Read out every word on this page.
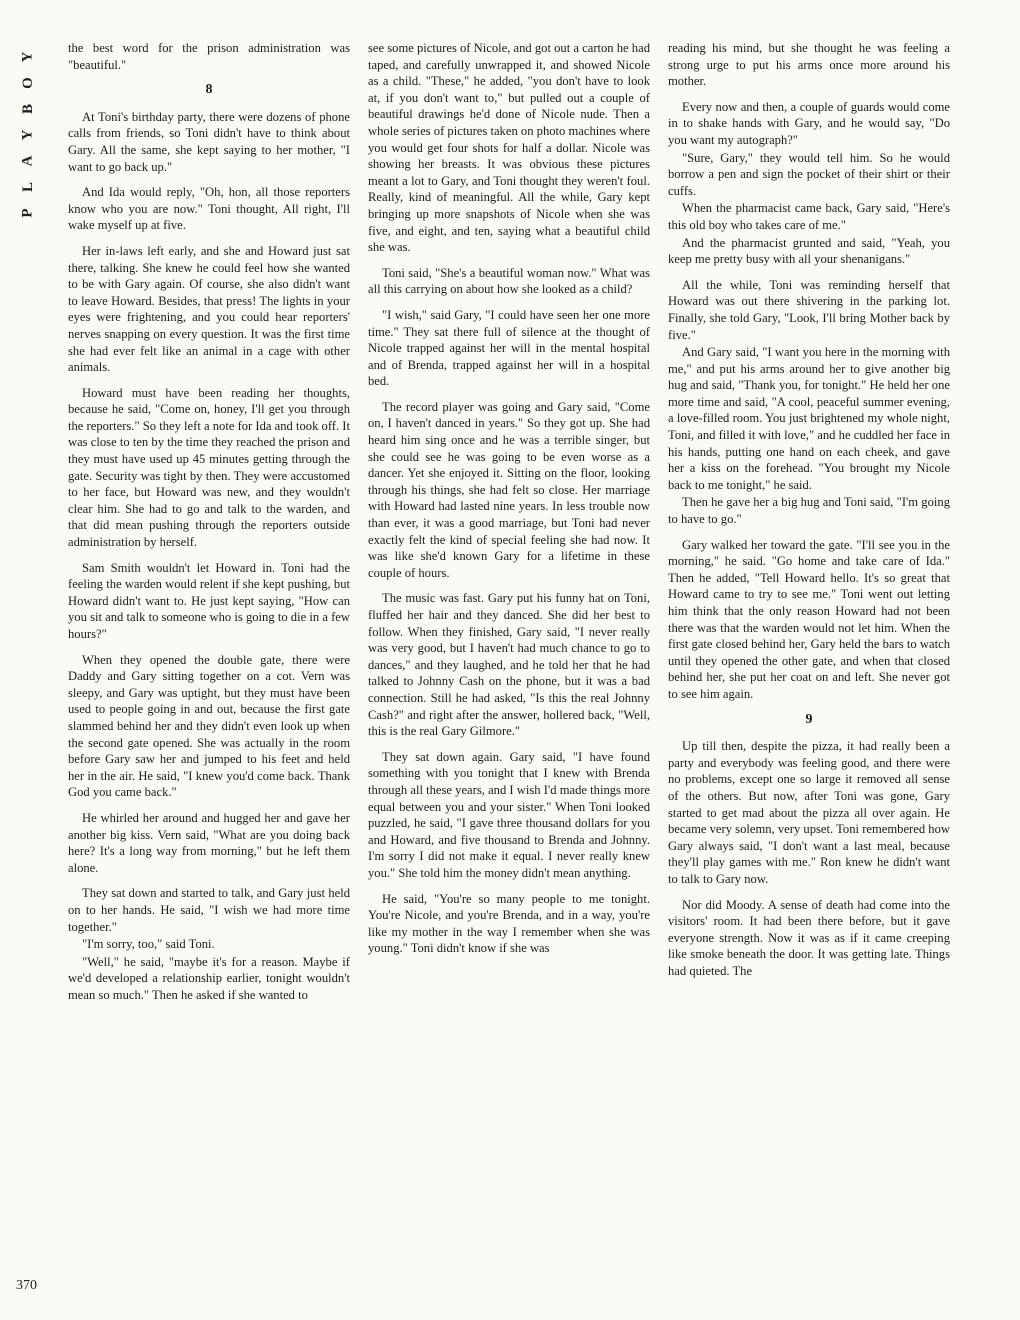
Y
O
B
Y
A
L
P
370

the best word for the prison administration was "beautiful."

8

At Toni's birthday party, there were dozens of phone calls from friends, so Toni didn't have to think about Gary. All the same, she kept saying to her mother, "I want to go back up."

And Ida would reply, "Oh, hon, all those reporters know who you are now." Toni thought, All right, I'll wake myself up at five.

Her in-laws left early, and she and Howard just sat there, talking. She knew he could feel how she wanted to be with Gary again. Of course, she also didn't want to leave Howard. Besides, that press! The lights in your eyes were frightening, and you could hear reporters' nerves snapping on every question. It was the first time she had ever felt like an animal in a cage with other animals.

Howard must have been reading her thoughts, because he said, "Come on, honey, I'll get you through the reporters." So they left a note for Ida and took off. It was close to ten by the time they reached the prison and they must have used up 45 minutes getting through the gate. Security was tight by then. They were accustomed to her face, but Howard was new, and they wouldn't clear him. She had to go and talk to the warden, and that did mean pushing through the reporters outside administration by herself.

Sam Smith wouldn't let Howard in. Toni had the feeling the warden would relent if she kept pushing, but Howard didn't want to. He just kept saying, "How can you sit and talk to someone who is going to die in a few hours?"

When they opened the double gate, there were Daddy and Gary sitting together on a cot. Vern was sleepy, and Gary was uptight, but they must have been used to people going in and out, because the first gate slammed behind her and they didn't even look up when the second gate opened. She was actually in the room before Gary saw her and jumped to his feet and held her in the air. He said, "I knew you'd come back. Thank God you came back."

He whirled her around and hugged her and gave her another big kiss. Vern said, "What are you doing back here? It's a long way from morning," but he left them alone.

They sat down and started to talk, and Gary just held on to her hands. He said, "I wish we had more time together."

"I'm sorry, too," said Toni.

"Well," he said, "maybe it's for a reason. Maybe if we'd developed a relationship earlier, tonight wouldn't mean so much." Then he asked if she wanted to

see some pictures of Nicole, and got out a carton he had taped, and carefully unwrapped it, and showed Nicole as a child. "These," he added, "you don't have to look at, if you don't want to," but pulled out a couple of beautiful drawings he'd done of Nicole nude. Then a whole series of pictures taken on photo machines where you would get four shots for half a dollar. Nicole was showing her breasts. It was obvious these pictures meant a lot to Gary, and Toni thought they weren't foul. Really, kind of meaningful. All the while, Gary kept bringing up more snapshots of Nicole when she was five, and eight, and ten, saying what a beautiful child she was.

Toni said, "She's a beautiful woman now." What was all this carrying on about how she looked as a child?

"I wish," said Gary, "I could have seen her one more time." They sat there full of silence at the thought of Nicole trapped against her will in the mental hospital and of Brenda, trapped against her will in a hospital bed.

The record player was going and Gary said, "Come on, I haven't danced in years." So they got up. She had heard him sing once and he was a terrible singer, but she could see he was going to be even worse as a dancer. Yet she enjoyed it. Sitting on the floor, looking through his things, she had felt so close. Her marriage with Howard had lasted nine years. In less trouble now than ever, it was a good marriage, but Toni had never exactly felt the kind of special feeling she had now. It was like she'd known Gary for a lifetime in these couple of hours.

The music was fast. Gary put his funny hat on Toni, fluffed her hair and they danced. She did her best to follow. When they finished, Gary said, "I never really was very good, but I haven't had much chance to go to dances," and they laughed, and he told her that he had talked to Johnny Cash on the phone, but it was a bad connection. Still he had asked, "Is this the real Johnny Cash?" and right after the answer, hollered back, "Well, this is the real Gary Gilmore."

They sat down again. Gary said, "I have found something with you tonight that I knew with Brenda through all these years, and I wish I'd made things more equal between you and your sister." When Toni looked puzzled, he said, "I gave three thousand dollars for you and Howard, and five thousand to Brenda and Johnny. I'm sorry I did not make it equal. I never really knew you." She told him the money didn't mean anything.

He said, "You're so many people to me tonight. You're Nicole, and you're Brenda, and in a way, you're like my mother in the way I remember when she was young." Toni didn't know if she was

reading his mind, but she thought he was feeling a strong urge to put his arms once more around his mother.

Every now and then, a couple of guards would come in to shake hands with Gary, and he would say, "Do you want my autograph?"

"Sure, Gary," they would tell him. So he would borrow a pen and sign the pocket of their shirt or their cuffs.

When the pharmacist came back, Gary said, "Here's this old boy who takes care of me."

And the pharmacist grunted and said, "Yeah, you keep me pretty busy with all your shenanigans."

All the while, Toni was reminding herself that Howard was out there shivering in the parking lot. Finally, she told Gary, "Look, I'll bring Mother back by five."

And Gary said, "I want you here in the morning with me," and put his arms around her to give another big hug and said, "Thank you, for tonight." He held her one more time and said, "A cool, peaceful summer evening, a love-filled room. You just brightened my whole night, Toni, and filled it with love," and he cuddled her face in his hands, putting one hand on each cheek, and gave her a kiss on the forehead. "You brought my Nicole back to me tonight," he said.

Then he gave her a big hug and Toni said, "I'm going to have to go."

Gary walked her toward the gate. "I'll see you in the morning," he said. "Go home and take care of Ida." Then he added, "Tell Howard hello. It's so great that Howard came to try to see me." Toni went out letting him think that the only reason Howard had not been there was that the warden would not let him. When the first gate closed behind her, Gary held the bars to watch until they opened the other gate, and when that closed behind her, she put her coat on and left. She never got to see him again.

9

Up till then, despite the pizza, it had really been a party and everybody was feeling good, and there were no problems, except one so large it removed all sense of the others. But now, after Toni was gone, Gary started to get mad about the pizza all over again. He became very solemn, very upset. Toni remembered how Gary always said, "I don't want a last meal, because they'll play games with me." Ron knew he didn't want to talk to Gary now.

Nor did Moody. A sense of death had come into the visitors' room. It had been there before, but it gave everyone strength. Now it was as if it came creeping like smoke beneath the door. It was getting late. Things had quieted. The
